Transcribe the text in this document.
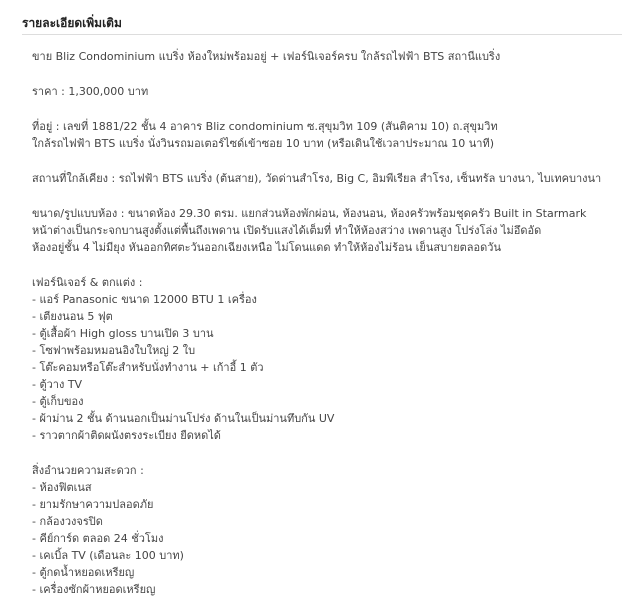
รายละเอียดเพิ่มเติม

ขาย Bliz Condominium แบริ่ง ห้องใหม่พร้อมอยู่ + เฟอร์นิเจอร์ครบ ใกล้รถไฟฟ้า BTS สถานีแบริ่ง

ราคา : 1,300,000 บาท

ที่อยู่ : เลขที่ 1881/22 ชั้น 4 อาคาร Bliz condominium ซ.สุขุมวิท 109 (สันติคาม 10) ถ.สุขุมวิท
ใกล้รถไฟฟ้า BTS แบริ่ง นั่งวินรถมอเตอร์ไซด์เข้าซอย 10 บาท (หรือเดินใช้เวลาประมาณ 10 นาที)

สถานที่ใกล้เคียง : รถไฟฟ้า BTS แบริ่ง (ต้นสาย), วัดด่านสำโรง, Big C, อิมพีเรียล สำโรง, เซ็นทรัล บางนา, ไบเทคบางนา

ขนาด/รูปแบบห้อง : ขนาดห้อง 29.30 ตรม. แยกส่วนห้องพักผ่อน, ห้องนอน, ห้องครัวพร้อมชุดครัว Built in Starmark
หน้าต่างเป็นกระจกบานสูงตั้งแต่พื้นถึงเพดาน เปิดรับแสงได้เต็มที่ ทำให้ห้องสว่าง เพดานสูง โปร่งโล่ง ไม่อึดอัด
ห้องอยู่ชั้น 4 ไม่มียุง หันออกทิศตะวันออกเฉียงเหนือ ไม่โดนแดด ทำให้ห้องไม่ร้อน เย็นสบายตลอดวัน

เฟอร์นิเจอร์ & ตกแต่ง :
- แอร์ Panasonic ขนาด 12000 BTU 1 เครื่อง
- เตียงนอน 5 ฟุต
- ตู้เสื้อผ้า High gloss บานเปิด 3 บาน
- โซฟาพร้อมหมอนอิงใบใหญ่ 2 ใบ
- โต๊ะคอมหรือโต๊ะสำหรับนั่งทำงาน + เก้าอี้ 1 ตัว
- ตู้วาง TV
- ตู้เก็บของ
- ผ้าม่าน 2 ชั้น ด้านนอกเป็นม่านโปร่ง ด้านในเป็นม่านทึบกัน UV
- ราวตากผ้าติดผนังตรงระเบียง ยืดหดได้
สิ่งอำนวยความสะดวก :
- ห้องฟิตเนส
- ยามรักษาความปลอดภัย
- กล้องวงจรปิด
- คีย์การ์ด ตลอด 24 ชั่วโมง
- เคเบิ้ล TV (เดือนละ 100 บาท)
- ตู้กดน้ำหยอดเหรียญ
- เครื่องซักผ้าหยอดเหรียญ
